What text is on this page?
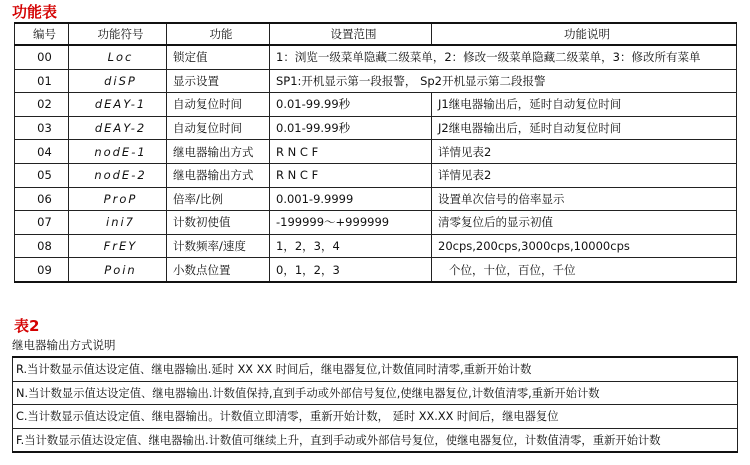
功能表
编号	功能符号	功能	设置范围	功能说明
00	Loc	锁定值	1：浏览一级菜单隐藏二级菜单，2：修改一级菜单隐藏二级菜单，3：修改所有菜单	
01	diSP	显示设置	SP1:开机显示第一段报警， Sp2开机显示第二段报警	
02	dEAY-1	自动复位时间	0.01-99.99秒	J1继电器输出后，延时自动复位时间
03	dEAY-2	自动复位时间	0.01-99.99秒	J2继电器输出后，延时自动复位时间
04	nodE-1	继电器输出方式	R N C F	详情见表2
05	nodE-2	继电器输出方式	R N C F	详情见表2
06	ProP	倍率/比例	0.001-9.9999	设置单次信号的倍率显示
07	ini7	计数初使值	-199999～+999999	清零复位后的显示初值
08	FrEY	计数频率/速度	1，2，3，4	20cps,200cps,3000cps,10000cps
09	Poin	小数点位置	0，1，2，3	个位，十位，百位，千位
表2
继电器输出方式说明
R.当计数显示值达设定值、继电器输出.延时 XX XX 时间后，继电器复位,计数值同时清零,重新开始计数
N.当计数显示值达设定值、继电器输出.计数值保持,直到手动或外部信号复位,使继电器复位,计数值清零,重新开始计数
C.当计数显示值达设定值、继电器输出。计数值立即清零，重新开始计数， 延时 XX.XX 时间后，继电器复位
F.当计数显示值达设定值、继电器输出.计数值可继续上升，直到手动或外部信号复位，使继电器复位，计数值清零，重新开始计数
